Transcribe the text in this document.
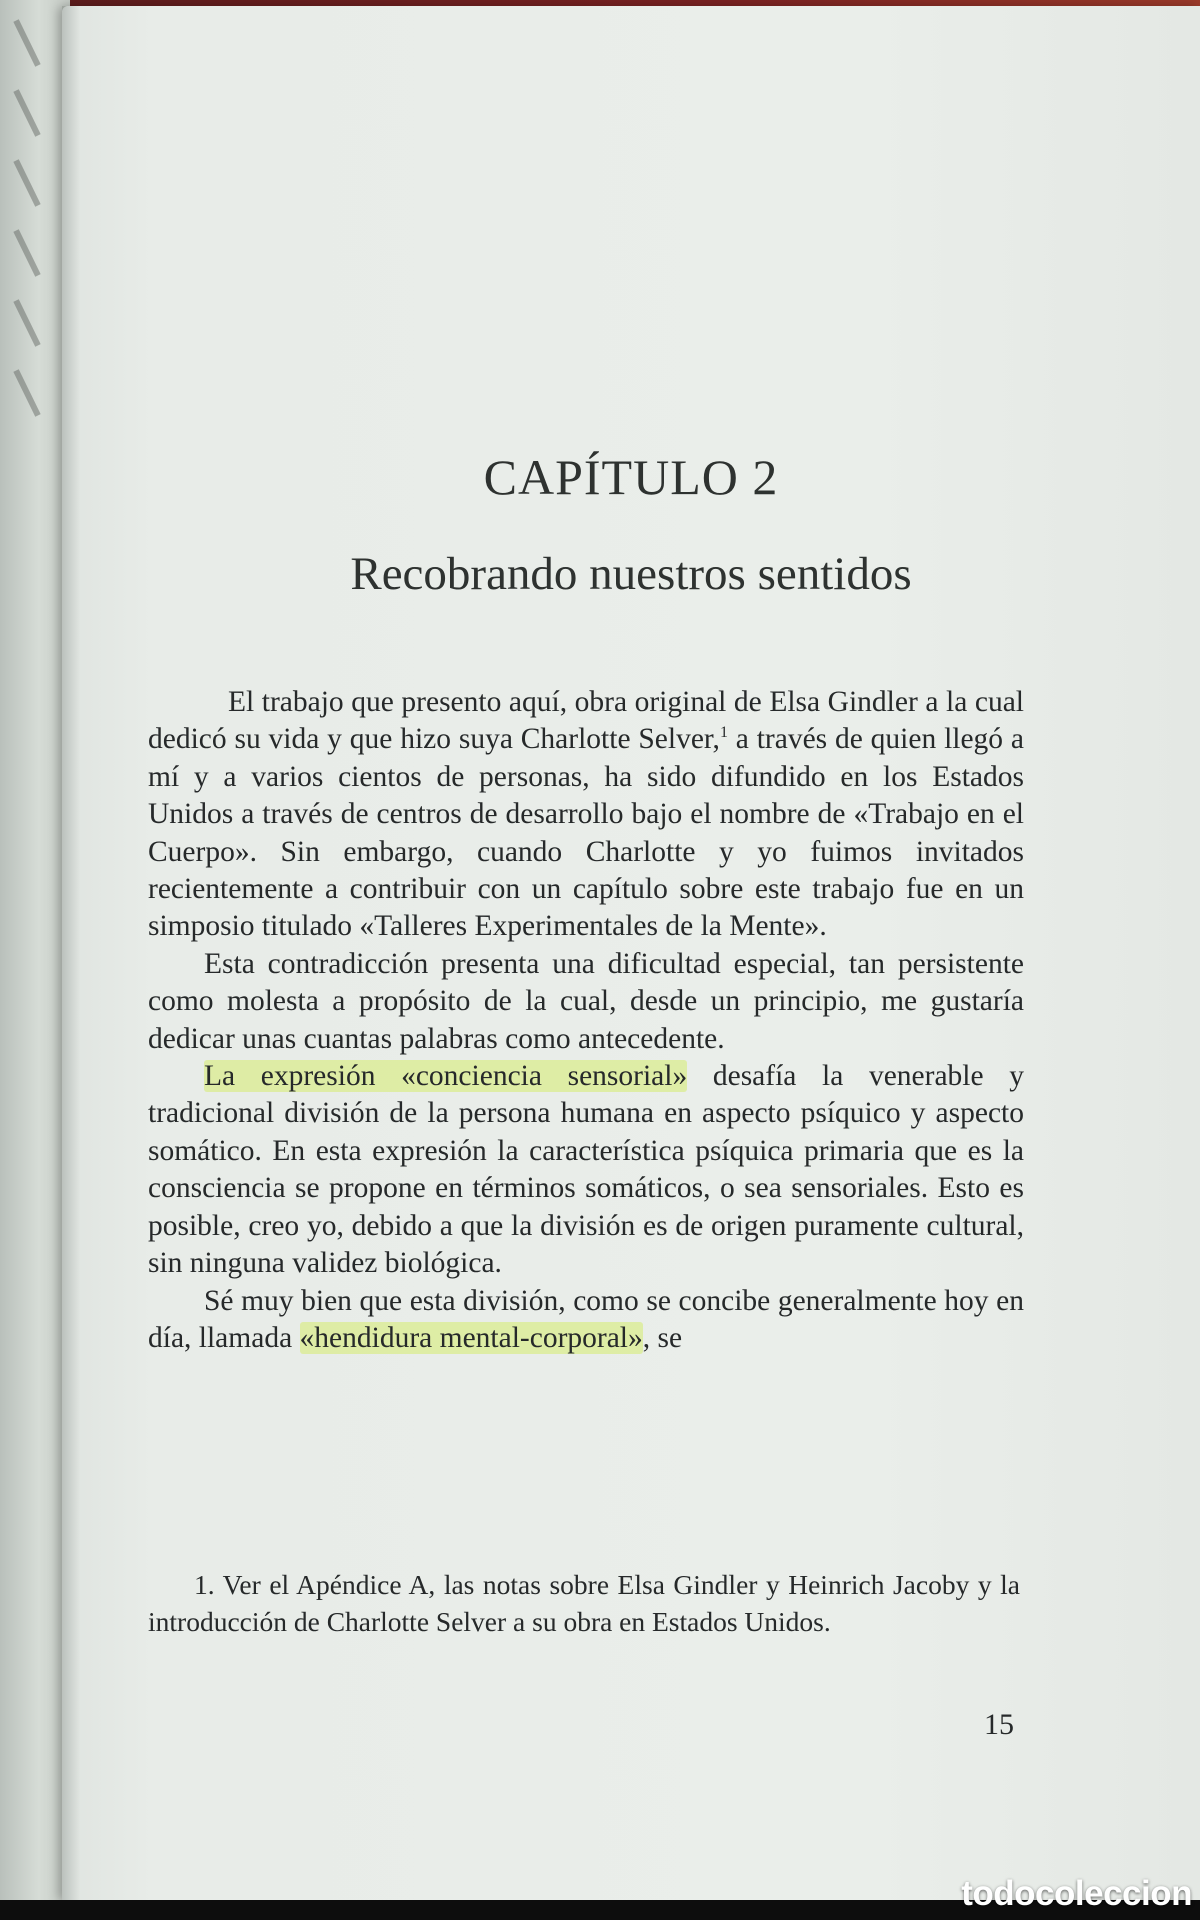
CAPÍTULO 2
Recobrando nuestros sentidos

El trabajo que presento aquí, obra original de Elsa Gindler a la cual dedicó su vida y que hizo suya Charlotte Selver,$^1$ a través de quien llegó a mí y a varios cientos de personas, ha sido difundido en los Estados Unidos a través de centros de desarrollo bajo el nombre de «Trabajo en el Cuerpo». Sin embargo, cuando Charlotte y yo fuimos invitados recientemente a contribuir con un capítulo sobre este trabajo fue en un simposio titulado «Talleres Experimentales de la Mente».

Esta contradicción presenta una dificultad especial, tan persistente como molesta a propósito de la cual, desde un principio, me gustaría dedicar unas cuantas palabras como antecedente.

La expresión «conciencia sensorial» desafía la venerable y tradicional división de la persona humana en aspecto psíquico y aspecto somático. En esta expresión la característica psíquica primaria que es la consciencia se propone en términos somáticos, o sea sensoriales. Esto es posible, creo yo, debido a que la división es de origen puramente cultural, sin ninguna validez biológica.

Sé muy bien que esta división, como se concibe generalmente hoy en día, llamada «hendidura mental-corporal», se

1. Ver el Apéndice A, las notas sobre Elsa Gindler y Heinrich Jacoby y la introducción de Charlotte Selver a su obra en Estados Unidos.

15
todocoleccion
